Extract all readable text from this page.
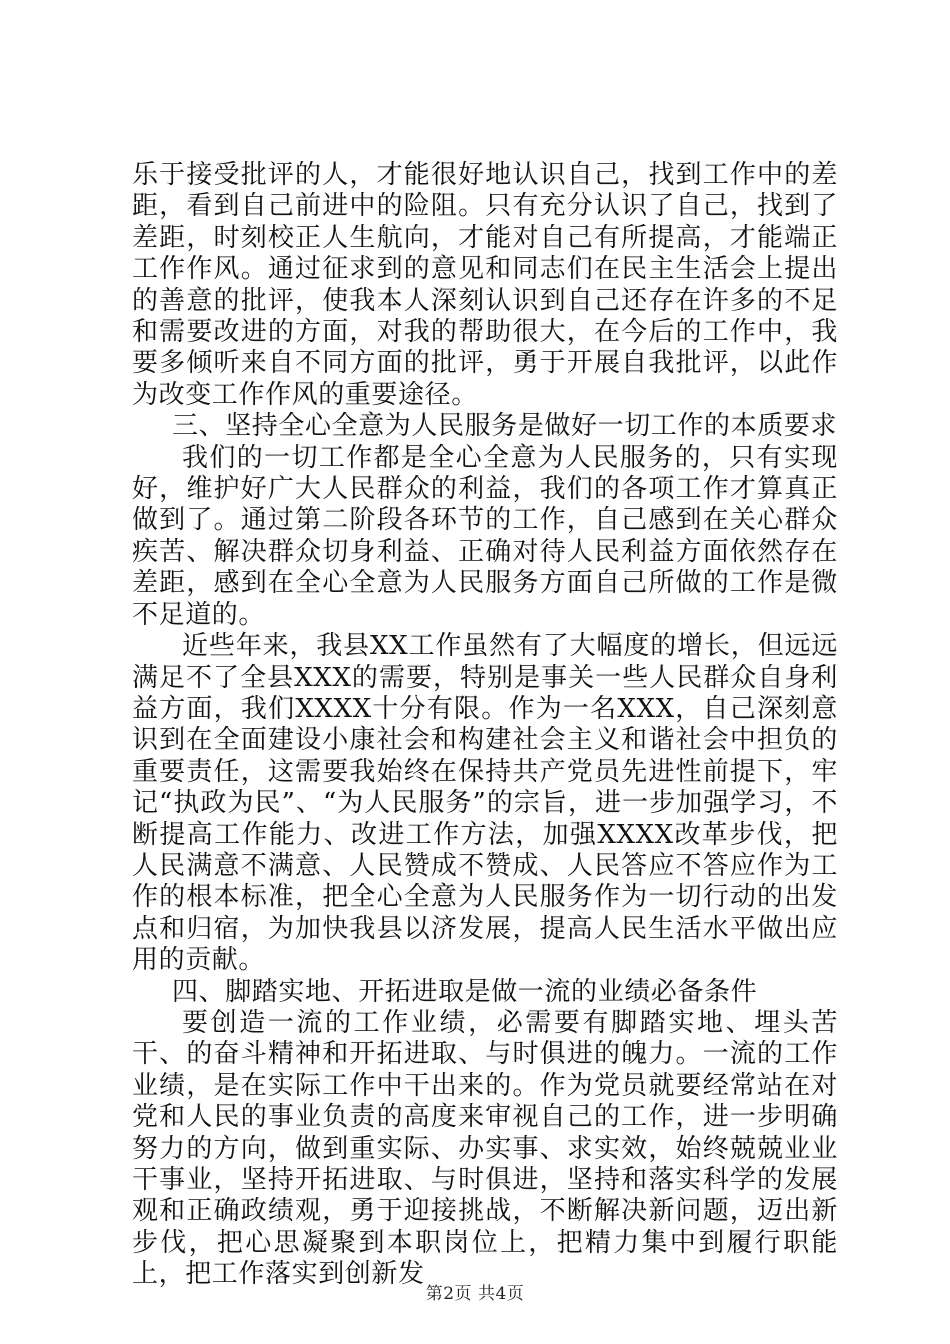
乐于接受批评的人，才能很好地认识自己，找到工作中的差距，看到自己前进中的险阻。只有充分认识了自己，找到了差距，时刻校正人生航向，才能对自己有所提高，才能端正工作作风。通过征求到的意见和同志们在民主生活会上提出的善意的批评，使我本人深刻认识到自己还存在许多的不足和需要改进的方面，对我的帮助很大，在今后的工作中，我要多倾听来自不同方面的批评，勇于开展自我批评，以此作为改变工作作风的重要途径。

三、坚持全心全意为人民服务是做好一切工作的本质要求

我们的一切工作都是全心全意为人民服务的，只有实现好，维护好广大人民群众的利益，我们的各项工作才算真正做到了。通过第二阶段各环节的工作，自己感到在关心群众疾苦、解决群众切身利益、正确对待人民利益方面依然存在差距，感到在全心全意为人民服务方面自己所做的工作是微不足道的。

近些年来，我县XX工作虽然有了大幅度的增长，但远远满足不了全县XXX的需要，特别是事关一些人民群众自身利益方面，我们XXXX十分有限。作为一名XXX，自己深刻意识到在全面建设小康社会和构建社会主义和谐社会中担负的重要责任，这需要我始终在保持共产党员先进性前提下，牢记“执政为民”、“为人民服务”的宗旨，进一步加强学习，不断提高工作能力、改进工作方法，加强XXXX改革步伐，把人民满意不满意、人民赞成不赞成、人民答应不答应作为工作的根本标准，把全心全意为人民服务作为一切行动的出发点和归宿，为加快我县以济发展，提高人民生活水平做出应用的贡献。

四、脚踏实地、开拓进取是做一流的业绩必备条件

要创造一流的工作业绩，必需要有脚踏实地、埋头苦干、的奋斗精神和开拓进取、与时俱进的魄力。一流的工作业绩，是在实际工作中干出来的。作为党员就要经常站在对党和人民的事业负责的高度来审视自己的工作，进一步明确努力的方向，做到重实际、办实事、求实效，始终兢兢业业干事业，坚持开拓进取、与时俱进，坚持和落实科学的发展观和正确政绩观，勇于迎接挑战，不断解决新问题，迈出新步伐，把心思凝聚到本职岗位上，把精力集中到履行职能上，把工作落实到创新发

第2页 共4页
